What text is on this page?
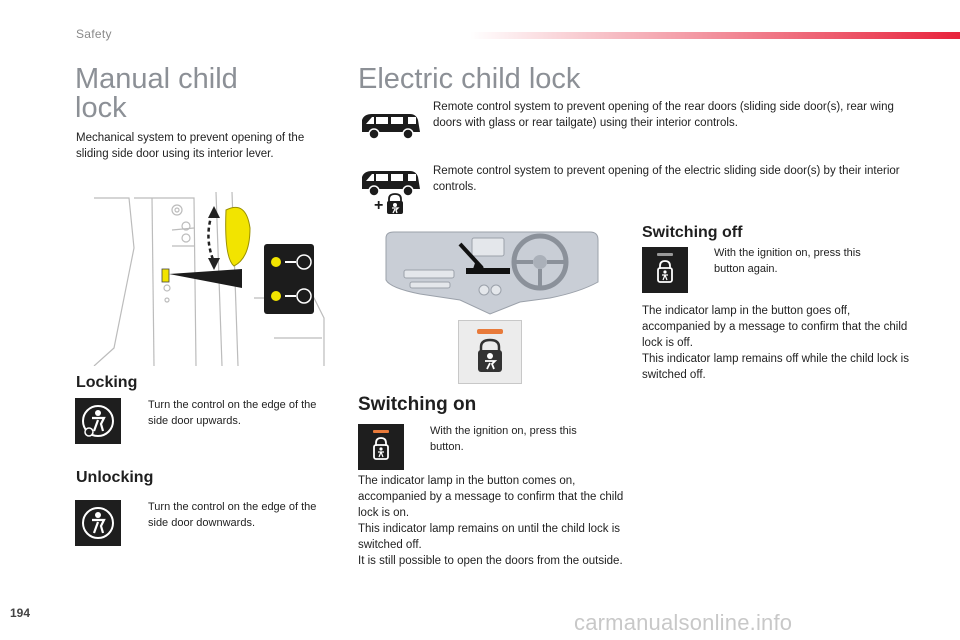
Safety
Manual child
lock
Mechanical system to prevent opening of the sliding side door using its interior lever.
Locking
Turn the control on the edge of the side door upwards.
Unlocking
Turn the control on the edge of the side door downwards.
Electric child lock
Remote control system to prevent opening of the rear doors (sliding side door(s), rear wing doors with glass or rear tailgate) using their interior controls.
+
Remote control system to prevent opening of the electric sliding side door(s) by their interior controls.
Switching on
With the ignition on, press this button.
The indicator lamp in the button comes on, accompanied by a message to confirm that the child lock is on.
This indicator lamp remains on until the child lock is switched off.
It is still possible to open the doors from the outside.
Switching off
With the ignition on, press this button again.
The indicator lamp in the button goes off, accompanied by a message to confirm that the child lock is off.
This indicator lamp remains off while the child lock is switched off.
194	carmanualsonline.info
